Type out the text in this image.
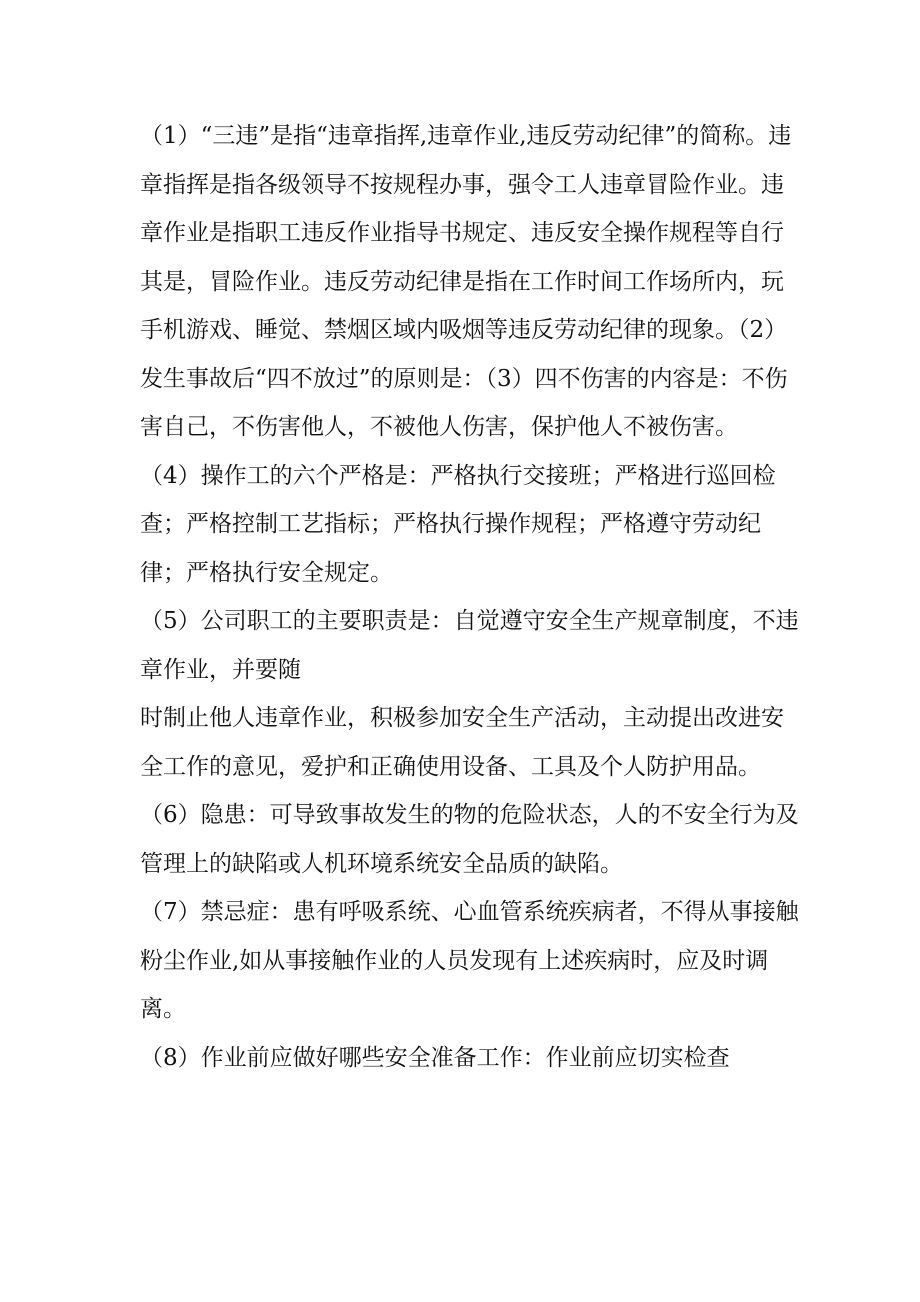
（1）“三违”是指“违章指挥,违章作业,违反劳动纪律”的简称。违章指挥是指各级领导不按规程办事，强令工人违章冒险作业。违章作业是指职工违反作业指导书规定、违反安全操作规程等自行其是，冒险作业。违反劳动纪律是指在工作时间工作场所内，玩手机游戏、睡觉、禁烟区域内吸烟等违反劳动纪律的现象。（2）发生事故后“四不放过”的原则是：（3）四不伤害的内容是：不伤害自己，不伤害他人，不被他人伤害，保护他人不被伤害。

（4）操作工的六个严格是：严格执行交接班；严格进行巡回检查；严格控制工艺指标；严格执行操作规程；严格遵守劳动纪律；严格执行安全规定。

（5）公司职工的主要职责是：自觉遵守安全生产规章制度，不违章作业，并要随

时制止他人违章作业，积极参加安全生产活动，主动提出改进安全工作的意见，爱护和正确使用设备、工具及个人防护用品。

（6）隐患：可导致事故发生的物的危险状态，人的不安全行为及管理上的缺陷或人机环境系统安全品质的缺陷。

（7）禁忌症：患有呼吸系统、心血管系统疾病者，不得从事接触粉尘作业,如从事接触作业的人员发现有上述疾病时，应及时调离。

（8）作业前应做好哪些安全准备工作：作业前应切实检查
